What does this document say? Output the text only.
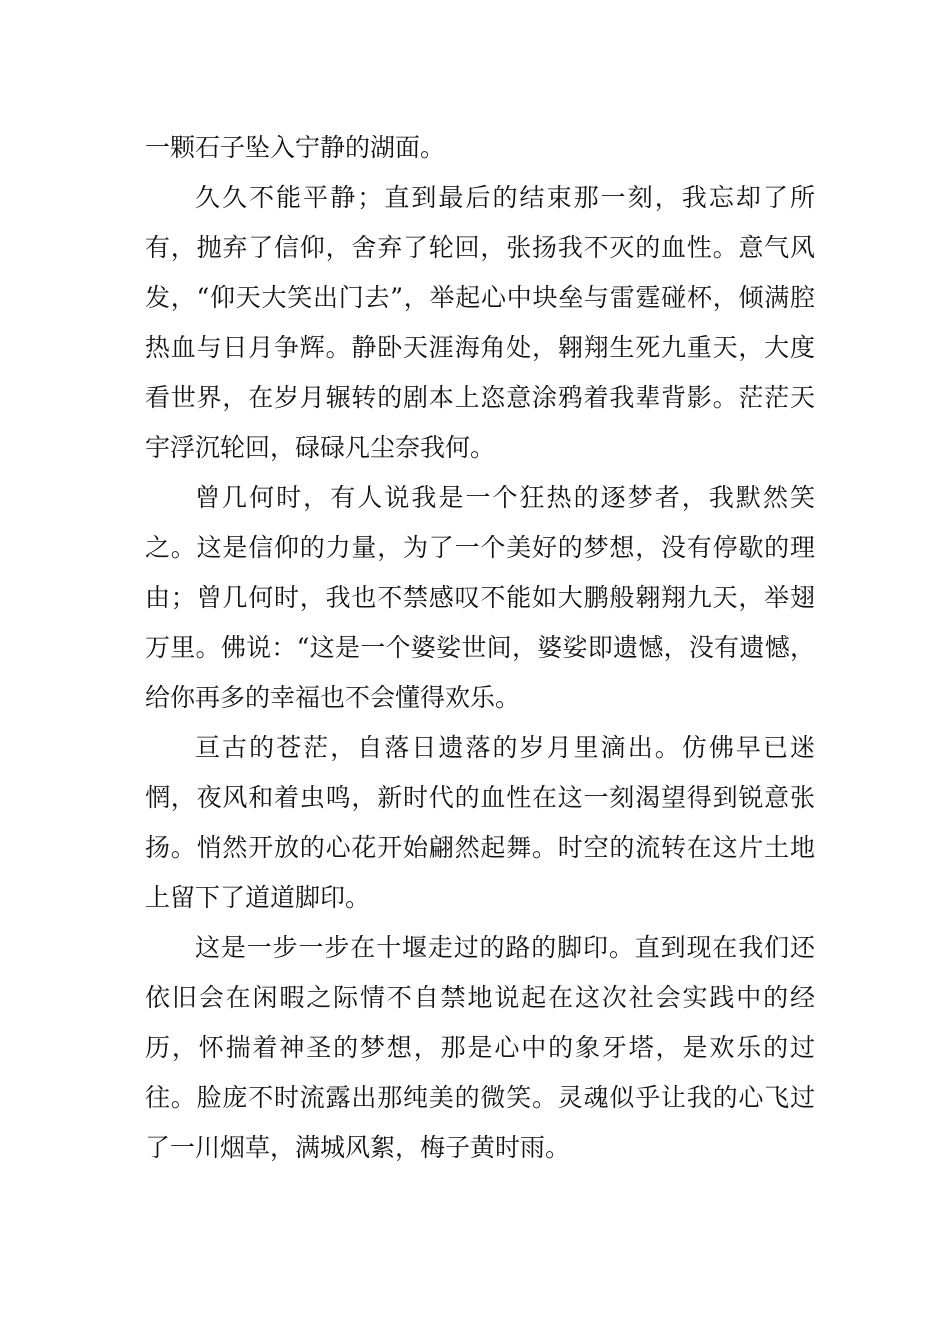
一颗石子坠入宁静的湖面。

久久不能平静；直到最后的结束那一刻，我忘却了所有，抛弃了信仰，舍弃了轮回，张扬我不灭的血性。意气风发，“仰天大笑出门去”，举起心中块垒与雷霆碰杯，倾满腔热血与日月争辉。静卧天涯海角处，翱翔生死九重天，大度看世界，在岁月辗转的剧本上恣意涂鸦着我辈背影。茫茫天宇浮沉轮回，碌碌凡尘奈我何。

曾几何时，有人说我是一个狂热的逐梦者，我默然笑之。这是信仰的力量，为了一个美好的梦想，没有停歇的理由；曾几何时，我也不禁感叹不能如大鹏般翱翔九天，举翅万里。佛说：“这是一个婆娑世间，婆娑即遗憾，没有遗憾，给你再多的幸福也不会懂得欢乐。

亘古的苍茫，自落日遗落的岁月里滴出。仿佛早已迷惘，夜风和着虫鸣，新时代的血性在这一刻渴望得到锐意张扬。悄然开放的心花开始翩然起舞。时空的流转在这片土地上留下了道道脚印。

这是一步一步在十堰走过的路的脚印。直到现在我们还依旧会在闲暇之际情不自禁地说起在这次社会实践中的经历，怀揣着神圣的梦想，那是心中的象牙塔，是欢乐的过往。脸庞不时流露出那纯美的微笑。灵魂似乎让我的心飞过了一川烟草，满城风絮，梅子黄时雨。
